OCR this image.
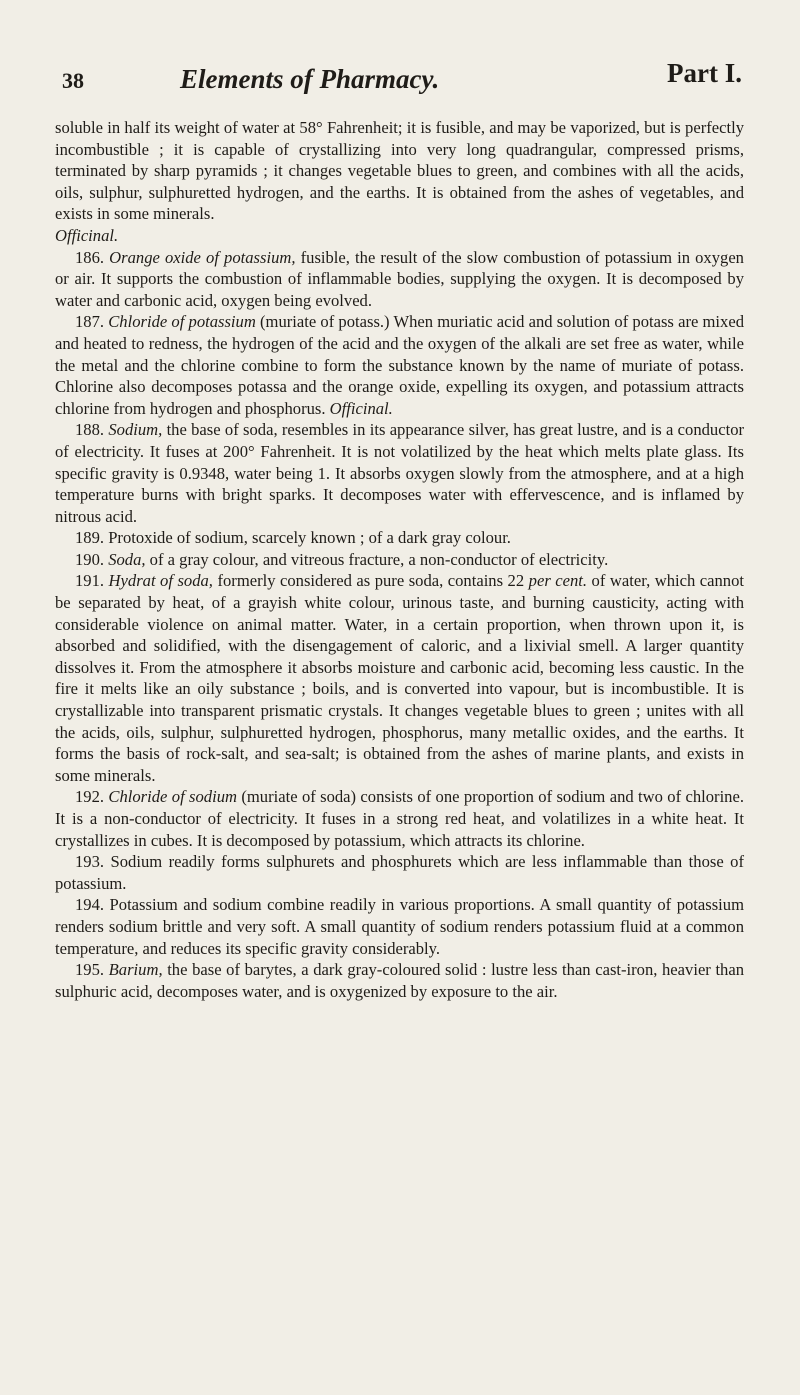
38	Elements of Pharmacy.	Part I.

soluble in half its weight of water at 58° Fahrenheit; it is fusible, and may be vaporized, but is perfectly incombustible ; it is capable of crystallizing into very long quadrangular, compressed prisms, terminated by sharp pyramids ; it changes vegetable blues to green, and combines with all the acids, oils, sulphur, sulphuretted hydrogen, and the earths. It is obtained from the ashes of vegetables, and exists in some minerals.

Officinal.

186. Orange oxide of potassium, fusible, the result of the slow combustion of potassium in oxygen or air. It supports the combustion of inflammable bodies, supplying the oxygen. It is decomposed by water and carbonic acid, oxygen being evolved.

187. Chloride of potassium (muriate of potass.) When muriatic acid and solution of potass are mixed and heated to redness, the hydrogen of the acid and the oxygen of the alkali are set free as water, while the metal and the chlorine combine to form the substance known by the name of muriate of potass. Chlorine also decomposes potassa and the orange oxide, expelling its oxygen, and potassium attracts chlorine from hydrogen and phosphorus. Officinal.

188. Sodium, the base of soda, resembles in its appearance silver, has great lustre, and is a conductor of electricity. It fuses at 200° Fahrenheit. It is not volatilized by the heat which melts plate glass. Its specific gravity is 0.9348, water being 1. It absorbs oxygen slowly from the atmosphere, and at a high temperature burns with bright sparks. It decomposes water with effervescence, and is inflamed by nitrous acid.

189. Protoxide of sodium, scarcely known ; of a dark gray colour.

190. Soda, of a gray colour, and vitreous fracture, a non-conductor of electricity.

191. Hydrat of soda, formerly considered as pure soda, contains 22 per cent. of water, which cannot be separated by heat, of a grayish white colour, urinous taste, and burning causticity, acting with considerable violence on animal matter. Water, in a certain proportion, when thrown upon it, is absorbed and solidified, with the disengagement of caloric, and a lixivial smell. A larger quantity dissolves it. From the atmosphere it absorbs moisture and carbonic acid, becoming less caustic. In the fire it melts like an oily substance ; boils, and is converted into vapour, but is incombustible. It is crystallizable into transparent prismatic crystals. It changes vegetable blues to green ; unites with all the acids, oils, sulphur, sulphuretted hydrogen, phosphorus, many metallic oxides, and the earths. It forms the basis of rock-salt, and sea-salt; is obtained from the ashes of marine plants, and exists in some minerals.

192. Chloride of sodium (muriate of soda) consists of one proportion of sodium and two of chlorine. It is a non-conductor of electricity. It fuses in a strong red heat, and volatilizes in a white heat. It crystallizes in cubes. It is decomposed by potassium, which attracts its chlorine.

193. Sodium readily forms sulphurets and phosphurets which are less inflammable than those of potassium.

194. Potassium and sodium combine readily in various proportions. A small quantity of potassium renders sodium brittle and very soft. A small quantity of sodium renders potassium fluid at a common temperature, and reduces its specific gravity considerably.

195. Barium, the base of barytes, a dark gray-coloured solid : lustre less than cast-iron, heavier than sulphuric acid, decomposes water, and is oxygenized by exposure to the air.
